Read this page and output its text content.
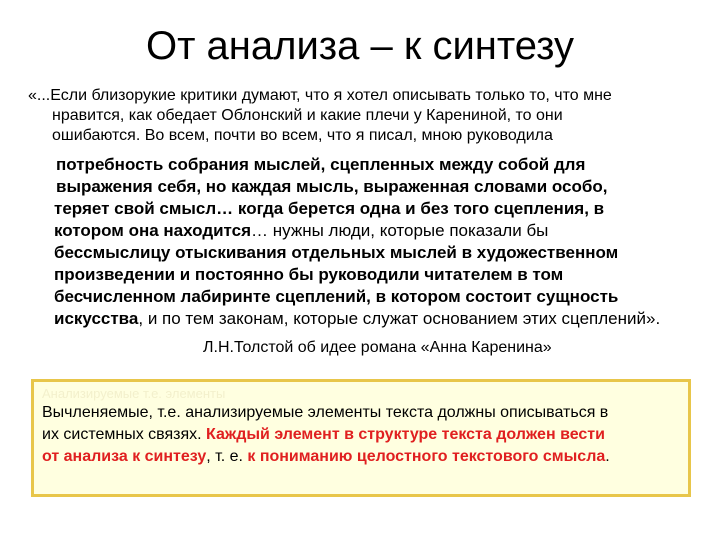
От анализа – к синтезу
«...Если близорукие критики думают, что я хотел описывать только то, что мне
нравится, как обедает Облонский и какие плечи у Карениной, то они
ошибаются. Во всем, почти во всем, что я писал, мною руководила
потребность собрания мыслей, сцепленных между собой для
выражения себя, но каждая мысль, выраженная словами особо,
теряет свой смысл… когда берется одна и без того сцепления, в
котором она находится… нужны люди, которые показали бы
бессмыслицу отыскивания отдельных мыслей в художественном
произведении и постоянно бы руководили читателем в том
бесчисленном лабиринте сцеплений, в котором состоит сущность
искусства, и по тем законам, которые служат основанием этих сцеплений».
Л.Н.Толстой об идее романа «Анна Каренина»
Анализируемые т.е. элементы
Вычленяемые, т.е. анализируемые элементы текста должны описываться в
их системных связях. Каждый элемент в структуре текста должен вести
от анализа к синтезу, т. е. к пониманию целостного текстового смысла.
